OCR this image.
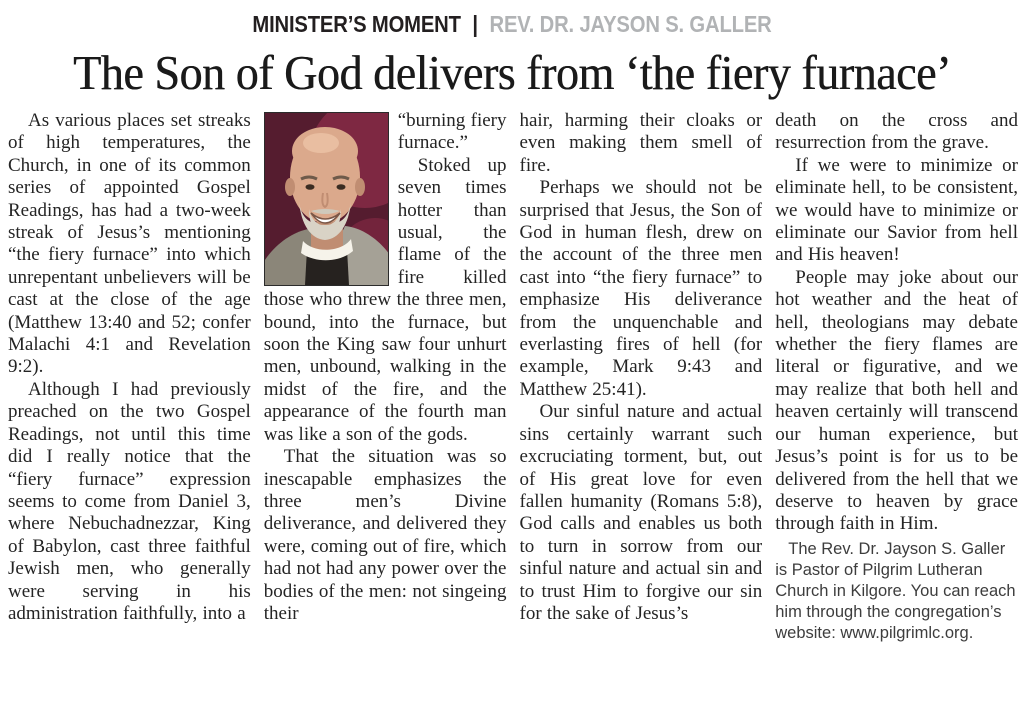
MINISTER’S MOMENT | REV. DR. JAYSON S. GALLER
The Son of God delivers from ‘the fiery furnace’

As various places set streaks of high temperatures, the Church, in one of its common series of appointed Gospel Readings, has had a two-week streak of Jesus’s mentioning “the fiery furnace” into which unrepentant unbelievers will be cast at the close of the age (Matthew 13:40 and 52; confer Malachi 4:1 and Revelation 9:2).

Although I had previously preached on the two Gospel Readings, not until this time did I really notice that the “fiery furnace” expression seems to come from Daniel 3, where Nebuchadnezzar, King of Babylon, cast three faithful Jewish men, who generally were serving in his administration faithfully, into a

“burning fiery furnace.”

Stoked up seven times hotter than usual, the flame of the fire killed those who threw the three men, bound, into the furnace, but soon the King saw four unhurt men, unbound, walking in the midst of the fire, and the appearance of the fourth man was like a son of the gods.

That the situation was so inescapable emphasizes the three men’s Divine deliverance, and delivered they were, coming out of fire, which had not had any power over the bodies of the men: not singeing their

hair, harming their cloaks or even making them smell of fire.

Perhaps we should not be surprised that Jesus, the Son of God in human flesh, drew on the account of the three men cast into “the fiery furnace” to emphasize His deliverance from the unquenchable and everlasting fires of hell (for example, Mark 9:43 and Matthew 25:41).

Our sinful nature and actual sins certainly warrant such excruciating torment, but, out of His great love for even fallen humanity (Romans 5:8), God calls and enables us both to turn in sorrow from our sinful nature and actual sin and to trust Him to forgive our sin for the sake of Jesus’s

death on the cross and resurrection from the grave.

If we were to minimize or eliminate hell, to be consistent, we would have to minimize or eliminate our Savior from hell and His heaven!

People may joke about our hot weather and the heat of hell, theologians may debate whether the fiery flames are literal or figurative, and we may realize that both hell and heaven certainly will transcend our human experience, but Jesus’s point is for us to be delivered from the hell that we deserve to heaven by grace through faith in Him.

The Rev. Dr. Jayson S. Galler is Pastor of Pilgrim Lutheran Church in Kilgore. You can reach him through the congregation’s website: www.pilgrimlc.org.
